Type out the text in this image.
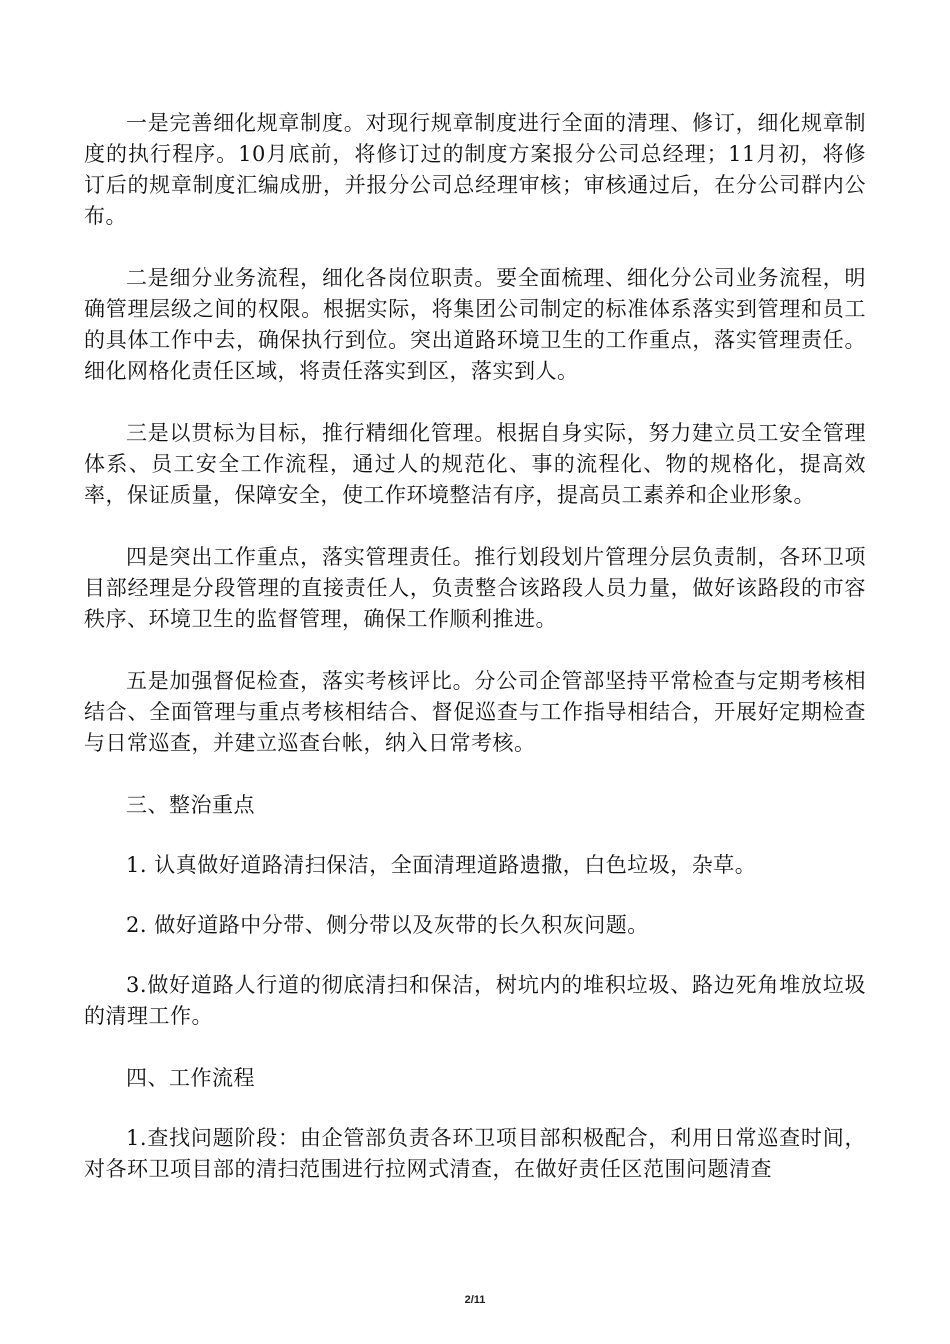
一是完善细化规章制度。对现行规章制度进行全面的清理、修订，细化规章制度的执行程序。10月底前，将修订过的制度方案报分公司总经理；11月初，将修订后的规章制度汇编成册，并报分公司总经理审核；审核通过后，在分公司群内公布。

二是细分业务流程，细化各岗位职责。要全面梳理、细化分公司业务流程，明确管理层级之间的权限。根据实际，将集团公司制定的标准体系落实到管理和员工的具体工作中去，确保执行到位。突出道路环境卫生的工作重点，落实管理责任。细化网格化责任区域，将责任落实到区，落实到人。

三是以贯标为目标，推行精细化管理。根据自身实际，努力建立员工安全管理体系、员工安全工作流程，通过人的规范化、事的流程化、物的规格化，提高效率，保证质量，保障安全，使工作环境整洁有序，提高员工素养和企业形象。

四是突出工作重点，落实管理责任。推行划段划片管理分层负责制，各环卫项目部经理是分段管理的直接责任人，负责整合该路段人员力量，做好该路段的市容秩序、环境卫生的监督管理，确保工作顺利推进。

五是加强督促检查，落实考核评比。分公司企管部坚持平常检查与定期考核相结合、全面管理与重点考核相结合、督促巡查与工作指导相结合，开展好定期检查与日常巡查，并建立巡查台帐，纳入日常考核。

三、整治重点

1. 认真做好道路清扫保洁，全面清理道路遗撒，白色垃圾，杂草。

2. 做好道路中分带、侧分带以及灰带的长久积灰问题。

3.做好道路人行道的彻底清扫和保洁，树坑内的堆积垃圾、路边死角堆放垃圾的清理工作。

四、工作流程

1.查找问题阶段：由企管部负责各环卫项目部积极配合，利用日常巡查时间，对各环卫项目部的清扫范围进行拉网式清查，在做好责任区范围问题清查

2/11
